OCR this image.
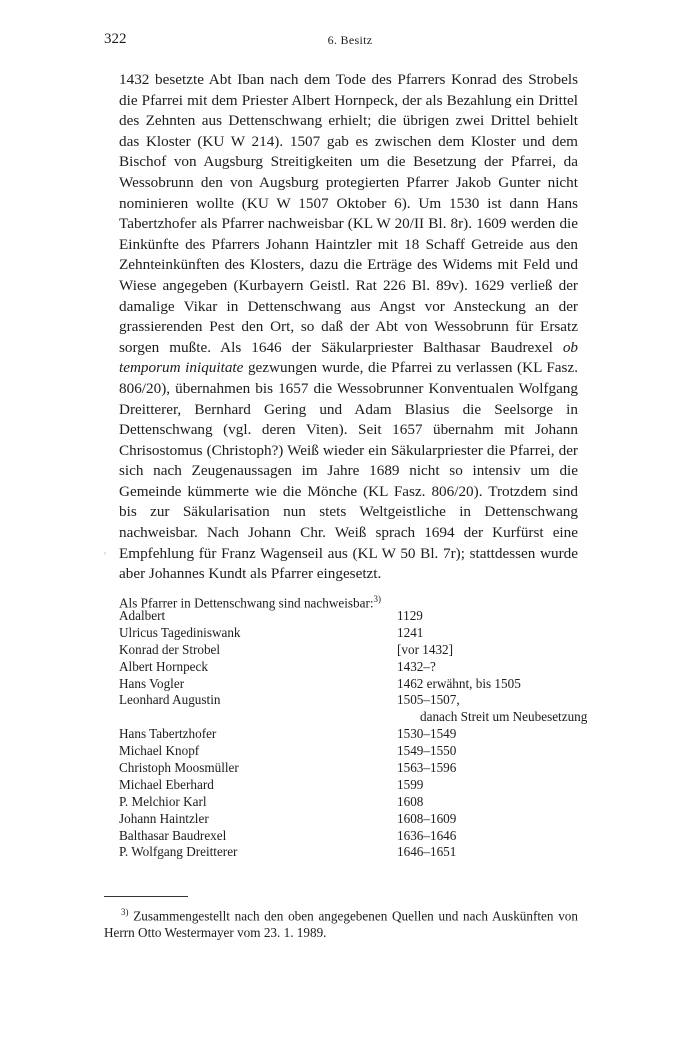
322	6. Besitz

1432 besetzte Abt Iban nach dem Tode des Pfarrers Konrad des Strobels die Pfarrei mit dem Priester Albert Hornpeck, der als Bezahlung ein Drittel des Zehnten aus Dettenschwang erhielt; die übrigen zwei Drittel behielt das Kloster (KU W 214). 1507 gab es zwischen dem Kloster und dem Bischof von Augsburg Streitigkeiten um die Besetzung der Pfarrei, da Wessobrunn den von Augsburg protegierten Pfarrer Jakob Gunter nicht nominieren wollte (KU W 1507 Oktober 6). Um 1530 ist dann Hans Tabertzhofer als Pfarrer nachweisbar (KL W 20/II Bl. 8r). 1609 werden die Einkünfte des Pfarrers Johann Haintzler mit 18 Schaff Getreide aus den Zehnteinkünften des Klosters, dazu die Erträge des Widems mit Feld und Wiese angegeben (Kurbayern Geistl. Rat 226 Bl. 89v). 1629 verließ der damalige Vikar in Dettenschwang aus Angst vor Ansteckung an der grassierenden Pest den Ort, so daß der Abt von Wessobrunn für Ersatz sorgen mußte. Als 1646 der Säkularpriester Balthasar Baudrexel ob temporum iniquitate gezwungen wurde, die Pfarrei zu verlassen (KL Fasz. 806/20), übernahmen bis 1657 die Wessobrunner Konventualen Wolfgang Dreitterer, Bernhard Gering und Adam Blasius die Seelsorge in Dettenschwang (vgl. deren Viten). Seit 1657 übernahm mit Johann Chrisostomus (Christoph?) Weiß wieder ein Säkularpriester die Pfarrei, der sich nach Zeugenaussagen im Jahre 1689 nicht so intensiv um die Gemeinde kümmerte wie die Mönche (KL Fasz. 806/20). Trotzdem sind bis zur Säkularisation nun stets Weltgeistliche in Dettenschwang nachweisbar. Nach Johann Chr. Weiß sprach 1694 der Kurfürst eine Empfehlung für Franz Wagenseil aus (KL W 50 Bl. 7r); stattdessen wurde aber Johannes Kundt als Pfarrer eingesetzt.

ˢ
Als Pfarrer in Dettenschwang sind nachweisbar:$^{3)}$
Adalbert	1129
Ulricus Tagediniswank	1241
Konrad der Strobel	[vor 1432]
Albert Hornpeck	1432–?
Hans Vogler	1462 erwähnt, bis 1505
Leonhard Augustin	1505–1507,
danach Streit um Neubesetzung
Hans Tabertzhofer	1530–1549
Michael Knopf	1549–1550
Christoph Moosmüller	1563–1596
Michael Eberhard	1599
P. Melchior Karl	1608
Johann Haintzler	1608–1609
Balthasar Baudrexel	1636–1646
P. Wolfgang Dreitterer	1646–1651
$^{3)}$ Zusammengestellt nach den oben angegebenen Quellen und nach Auskünften von Herrn Otto Westermayer vom 23. 1. 1989.
